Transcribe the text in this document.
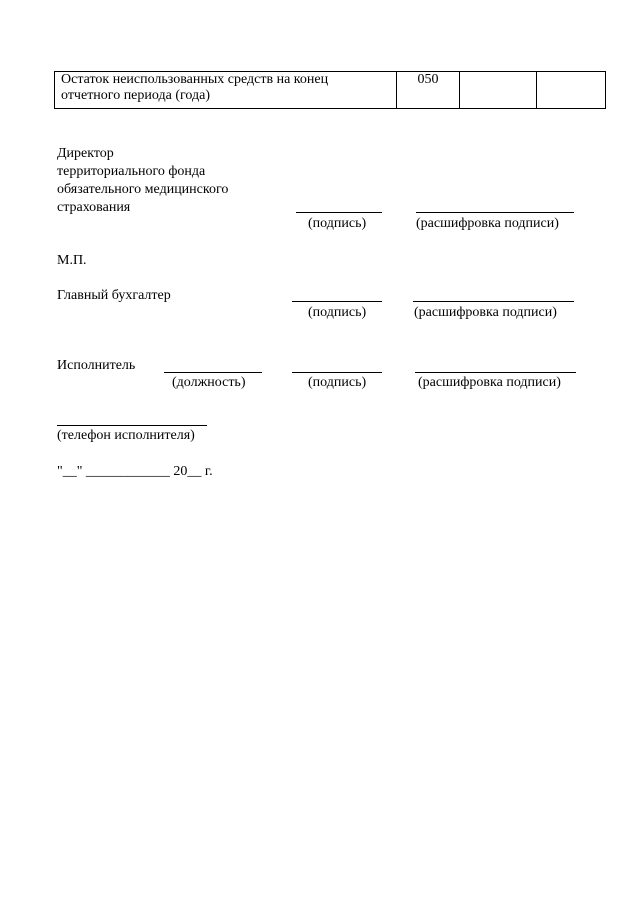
Остаток неиспользованных средств на конец
отчетного периода (года)
	050		
Директор
территориального фонда
обязательного медицинского
страхования
(подпись)	(расшифровка подписи)
М.П.
Главный бухгалтер
(подпись)	(расшифровка подписи)
Исполнитель
(должность)	(подпись)	(расшифровка подписи)
(телефон исполнителя)
"__" ____________ 20__ г.
